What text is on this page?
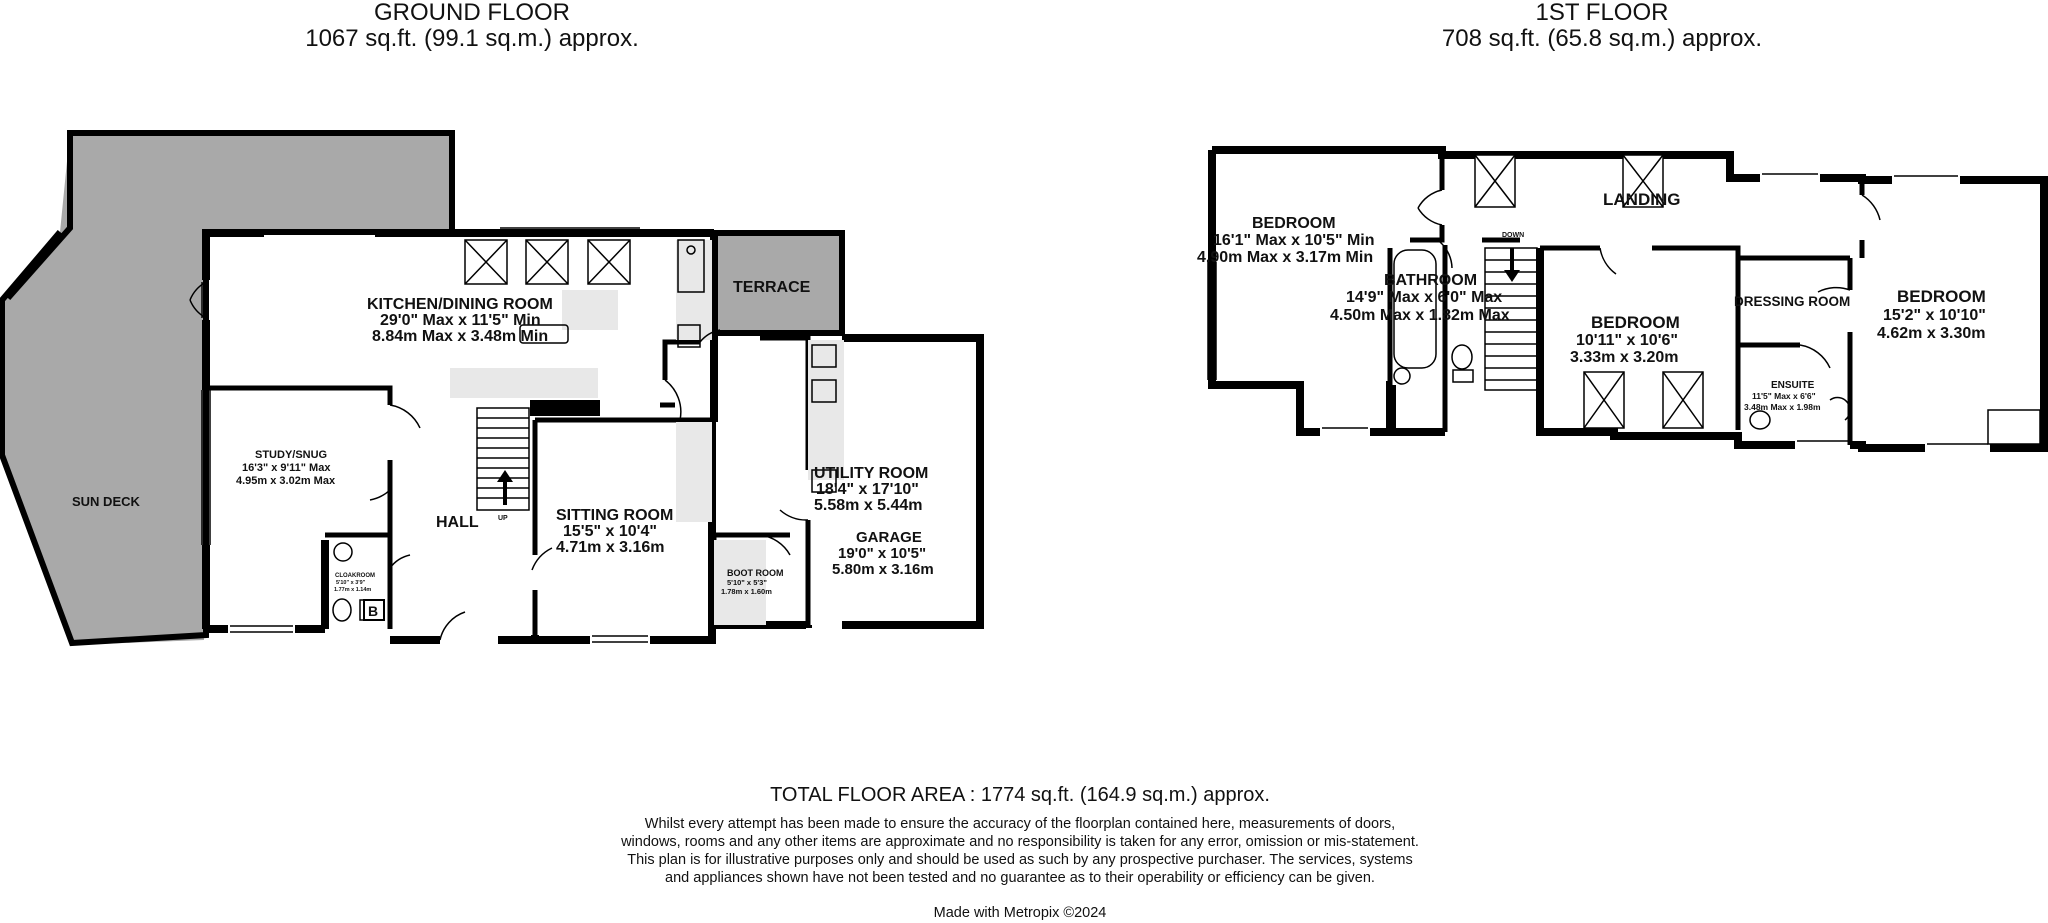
GROUND FLOOR
1067 sq.ft. (99.1 sq.m.) approx.
1ST FLOOR
708 sq.ft. (65.8 sq.m.) approx.
SUN DECK
KITCHEN/DINING ROOM
29'0" Max x 11'5" Min
8.84m Max x 3.48m Min
TERRACE
STUDY/SNUG
16'3" x 9'11" Max
4.95m x 3.02m Max
HALL	UP
CLOAKROOM
5'10" x 3'9"
1.77m x 1.14m
B
SITTING ROOM
15'5" x 10'4"
4.71m x 3.16m
UTILITY ROOM
18'4" x 17'10"
5.58m x 5.44m
BOOT ROOM
5'10" x 5'3"
1.78m x 1.60m
GARAGE
19'0" x 10'5"
5.80m x 3.16m
BEDROOM
16'1" Max x 10'5" Min
4.90m Max x 3.17m Min
LANDING
DOWN
BATHROOM
14'9" Max x 6'0" Max
4.50m Max x 1.82m Max	BEDROOM
10'11" x 10'6"
3.33m x 3.20m
DRESSING ROOM
ENSUITE
11'5" Max x 6'6"
3.48m Max x 1.98m
BEDROOM
15'2" x 10'10"
4.62m x 3.30m
TOTAL FLOOR AREA : 1774 sq.ft. (164.9 sq.m.) approx.
Whilst every attempt has been made to ensure the accuracy of the floorplan contained here, measurements of doors, windows, rooms and any other items are approximate and no responsibility is taken for any error, omission or mis-statement. This plan is for illustrative purposes only and should be used as such by any prospective purchaser. The services, systems and appliances shown have not been tested and no guarantee as to their operability or efficiency can be given.
Made with Metropix ©2024
